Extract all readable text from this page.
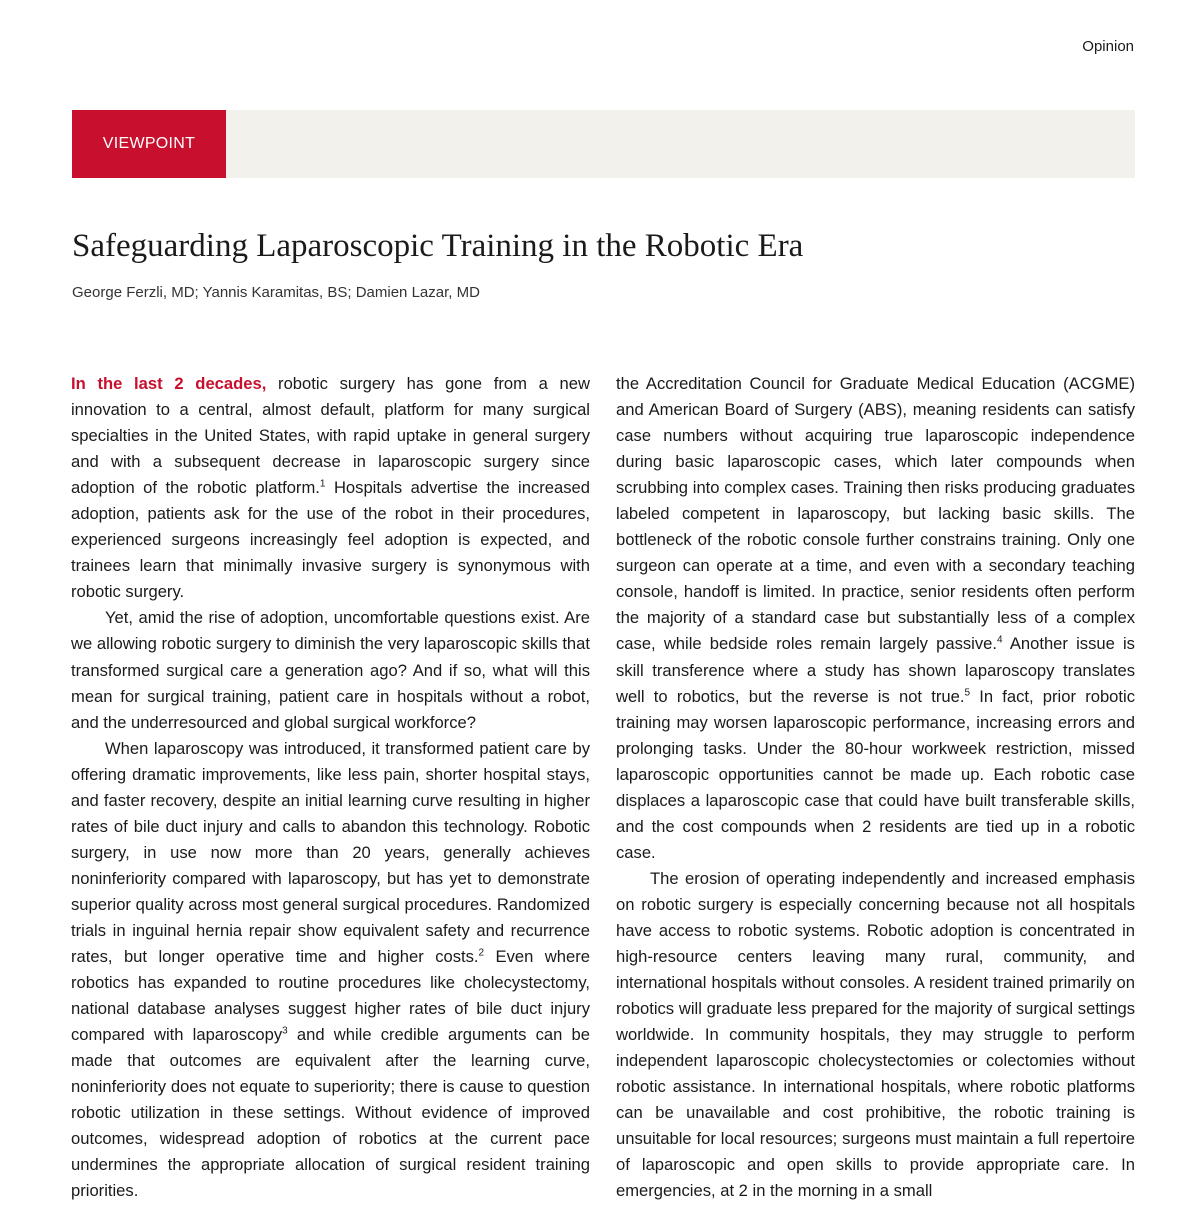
Opinion
VIEWPOINT
Safeguarding Laparoscopic Training in the Robotic Era

George Ferzli, MD; Yannis Karamitas, BS; Damien Lazar, MD

In the last 2 decades, robotic surgery has gone from a new innovation to a central, almost default, platform for many surgical specialties in the United States, with rapid uptake in general surgery and with a subsequent decrease in laparoscopic surgery since adoption of the robotic platform.$^1$ Hospitals advertise the increased adoption, patients ask for the use of the robot in their procedures, experienced surgeons increasingly feel adoption is expected, and trainees learn that minimally invasive surgery is synonymous with robotic surgery.

Yet, amid the rise of adoption, uncomfortable questions exist. Are we allowing robotic surgery to diminish the very laparoscopic skills that transformed surgical care a generation ago? And if so, what will this mean for surgical training, patient care in hospitals without a robot, and the underresourced and global surgical workforce?

When laparoscopy was introduced, it transformed patient care by offering dramatic improvements, like less pain, shorter hospital stays, and faster recovery, despite an initial learning curve resulting in higher rates of bile duct injury and calls to abandon this technology. Robotic surgery, in use now more than 20 years, generally achieves noninferiority compared with laparoscopy, but has yet to demonstrate superior quality across most general surgical procedures. Randomized trials in inguinal hernia repair show equivalent safety and recurrence rates, but longer operative time and higher costs.$^2$ Even where robotics has expanded to routine procedures like cholecystectomy, national database analyses suggest higher rates of bile duct injury compared with laparoscopy$^3$ and while credible arguments can be made that outcomes are equivalent after the learning curve, noninferiority does not equate to superiority; there is cause to question robotic utilization in these settings. Without evidence of improved outcomes, widespread adoption of robotics at the current pace undermines the appropriate allocation of surgical resident training priorities.

the Accreditation Council for Graduate Medical Education (ACGME) and American Board of Surgery (ABS), meaning residents can satisfy case numbers without acquiring true laparoscopic independence during basic laparoscopic cases, which later compounds when scrubbing into complex cases. Training then risks producing graduates labeled competent in laparoscopy, but lacking basic skills. The bottleneck of the robotic console further constrains training. Only one surgeon can operate at a time, and even with a secondary teaching console, handoff is limited. In practice, senior residents often perform the majority of a standard case but substantially less of a complex case, while bedside roles remain largely passive.$^4$ Another issue is skill transference where a study has shown laparoscopy translates well to robotics, but the reverse is not true.$^5$ In fact, prior robotic training may worsen laparoscopic performance, increasing errors and prolonging tasks. Under the 80-hour workweek restriction, missed laparoscopic opportunities cannot be made up. Each robotic case displaces a laparoscopic case that could have built transferable skills, and the cost compounds when 2 residents are tied up in a robotic case.

The erosion of operating independently and increased emphasis on robotic surgery is especially concerning because not all hospitals have access to robotic systems. Robotic adoption is concentrated in high-resource centers leaving many rural, community, and international hospitals without consoles. A resident trained primarily on robotics will graduate less prepared for the majority of surgical settings worldwide. In community hospitals, they may struggle to perform independent laparoscopic cholecystectomies or colectomies without robotic assistance. In international hospitals, where robotic platforms can be unavailable and cost prohibitive, the robotic training is unsuitable for local resources; surgeons must maintain a full repertoire of laparoscopic and open skills to provide appropriate care. In emergencies, at 2 in the morning in a small
